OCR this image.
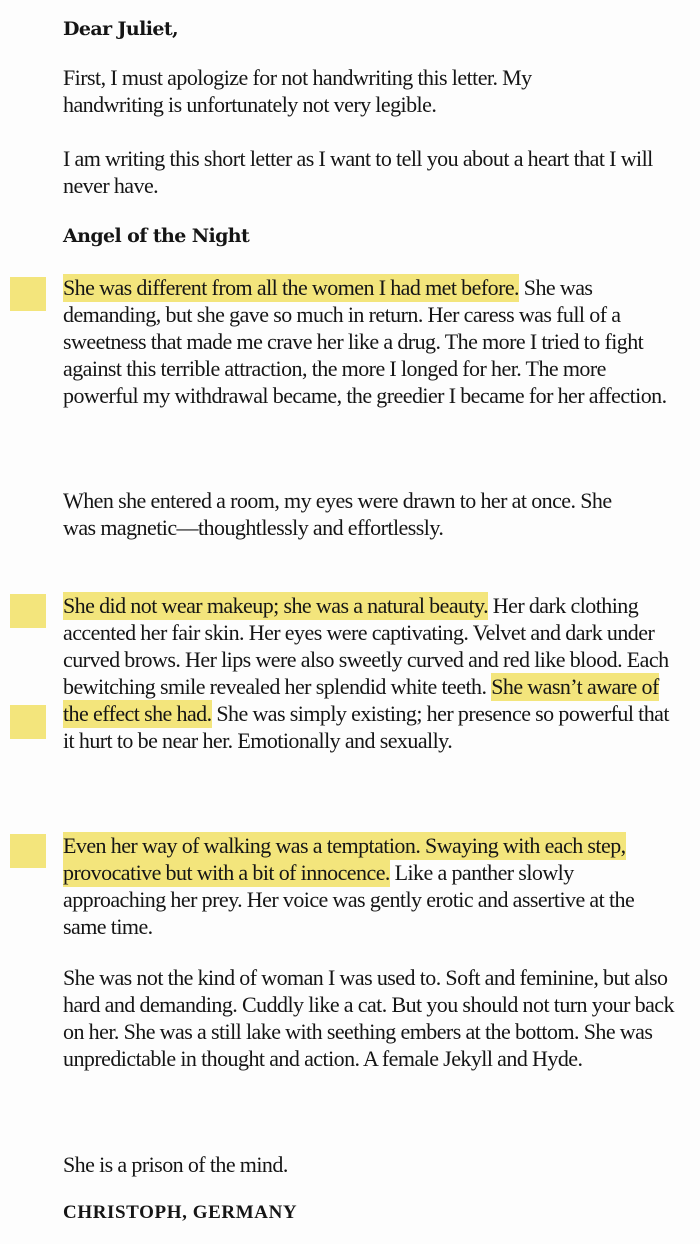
Dear Juliet,

First, I must apologize for not handwriting this letter. My handwriting is unfortunately not very legible.

I am writing this short letter as I want to tell you about a heart that I will never have.

Angel of the Night

She was different from all the women I had met before. She was demanding, but she gave so much in return. Her caress was full of a sweetness that made me crave her like a drug. The more I tried to fight against this terrible attraction, the more I longed for her. The more powerful my withdrawal became, the greedier I became for her affection.

When she entered a room, my eyes were drawn to her at once. She was magnetic—thoughtlessly and effortlessly.

She did not wear makeup; she was a natural beauty. Her dark clothing accented her fair skin. Her eyes were captivating. Velvet and dark under curved brows. Her lips were also sweetly curved and red like blood. Each bewitching smile revealed her splendid white teeth. She wasn’t aware of the effect she had. She was simply existing; her presence so powerful that it hurt to be near her. Emotionally and sexually.

Even her way of walking was a temptation. Swaying with each step, provocative but with a bit of innocence. Like a panther slowly approaching her prey. Her voice was gently erotic and assertive at the same time.

She was not the kind of woman I was used to. Soft and feminine, but also hard and demanding. Cuddly like a cat. But you should not turn your back on her. She was a still lake with seething embers at the bottom. She was unpredictable in thought and action. A female Jekyll and Hyde.

She is a prison of the mind.

CHRISTOPH, GERMANY
